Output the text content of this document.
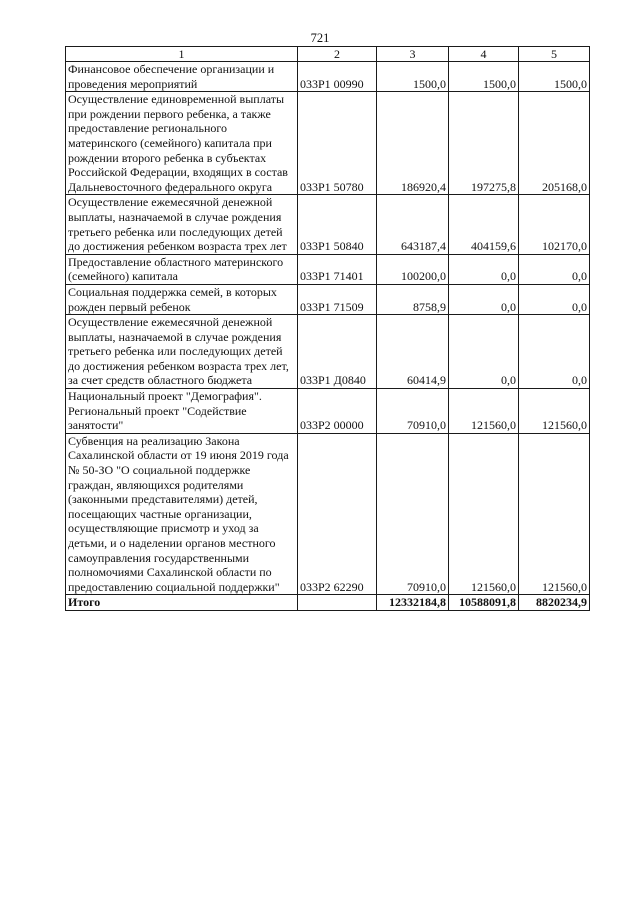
721
1	2	3	4	5
Финансовое обеспечение организации и проведения мероприятий	033P1 00990	1500,0	1500,0	1500,0
Осуществление единовременной выплаты при рождении первого ребенка, а также предоставление регионального материнского (семейного) капитала при рождении второго ребенка в субъектах Российской Федерации, входящих в состав Дальневосточного федерального округа	033P1 50780	186920,4	197275,8	205168,0
Осуществление ежемесячной денежной выплаты, назначаемой в случае рождения третьего ребенка или последующих детей до достижения ребенком возраста трех лет	033P1 50840	643187,4	404159,6	102170,0
Предоставление областного материнского (семейного) капитала	033P1 71401	100200,0	0,0	0,0
Социальная поддержка семей, в которых рожден первый ребенок	033P1 71509	8758,9	0,0	0,0
Осуществление ежемесячной денежной выплаты, назначаемой в случае рождения третьего ребенка или последующих детей до достижения ребенком возраста трех лет, за счет средств областного бюджета	033P1 Д0840	60414,9	0,0	0,0
Национальный проект "Демография". Региональный проект "Содействие занятости"	033P2 00000	70910,0	121560,0	121560,0
Субвенция на реализацию Закона Сахалинской области от 19 июня 2019 года № 50-ЗО "О социальной поддержке граждан, являющихся родителями (законными представителями) детей, посещающих частные организации, осуществляющие присмотр и уход за детьми, и о наделении органов местного самоуправления государственными полномочиями Сахалинской области по предоставлению социальной поддержки"	033P2 62290	70910,0	121560,0	121560,0
Итого		12332184,8	10588091,8	8820234,9
